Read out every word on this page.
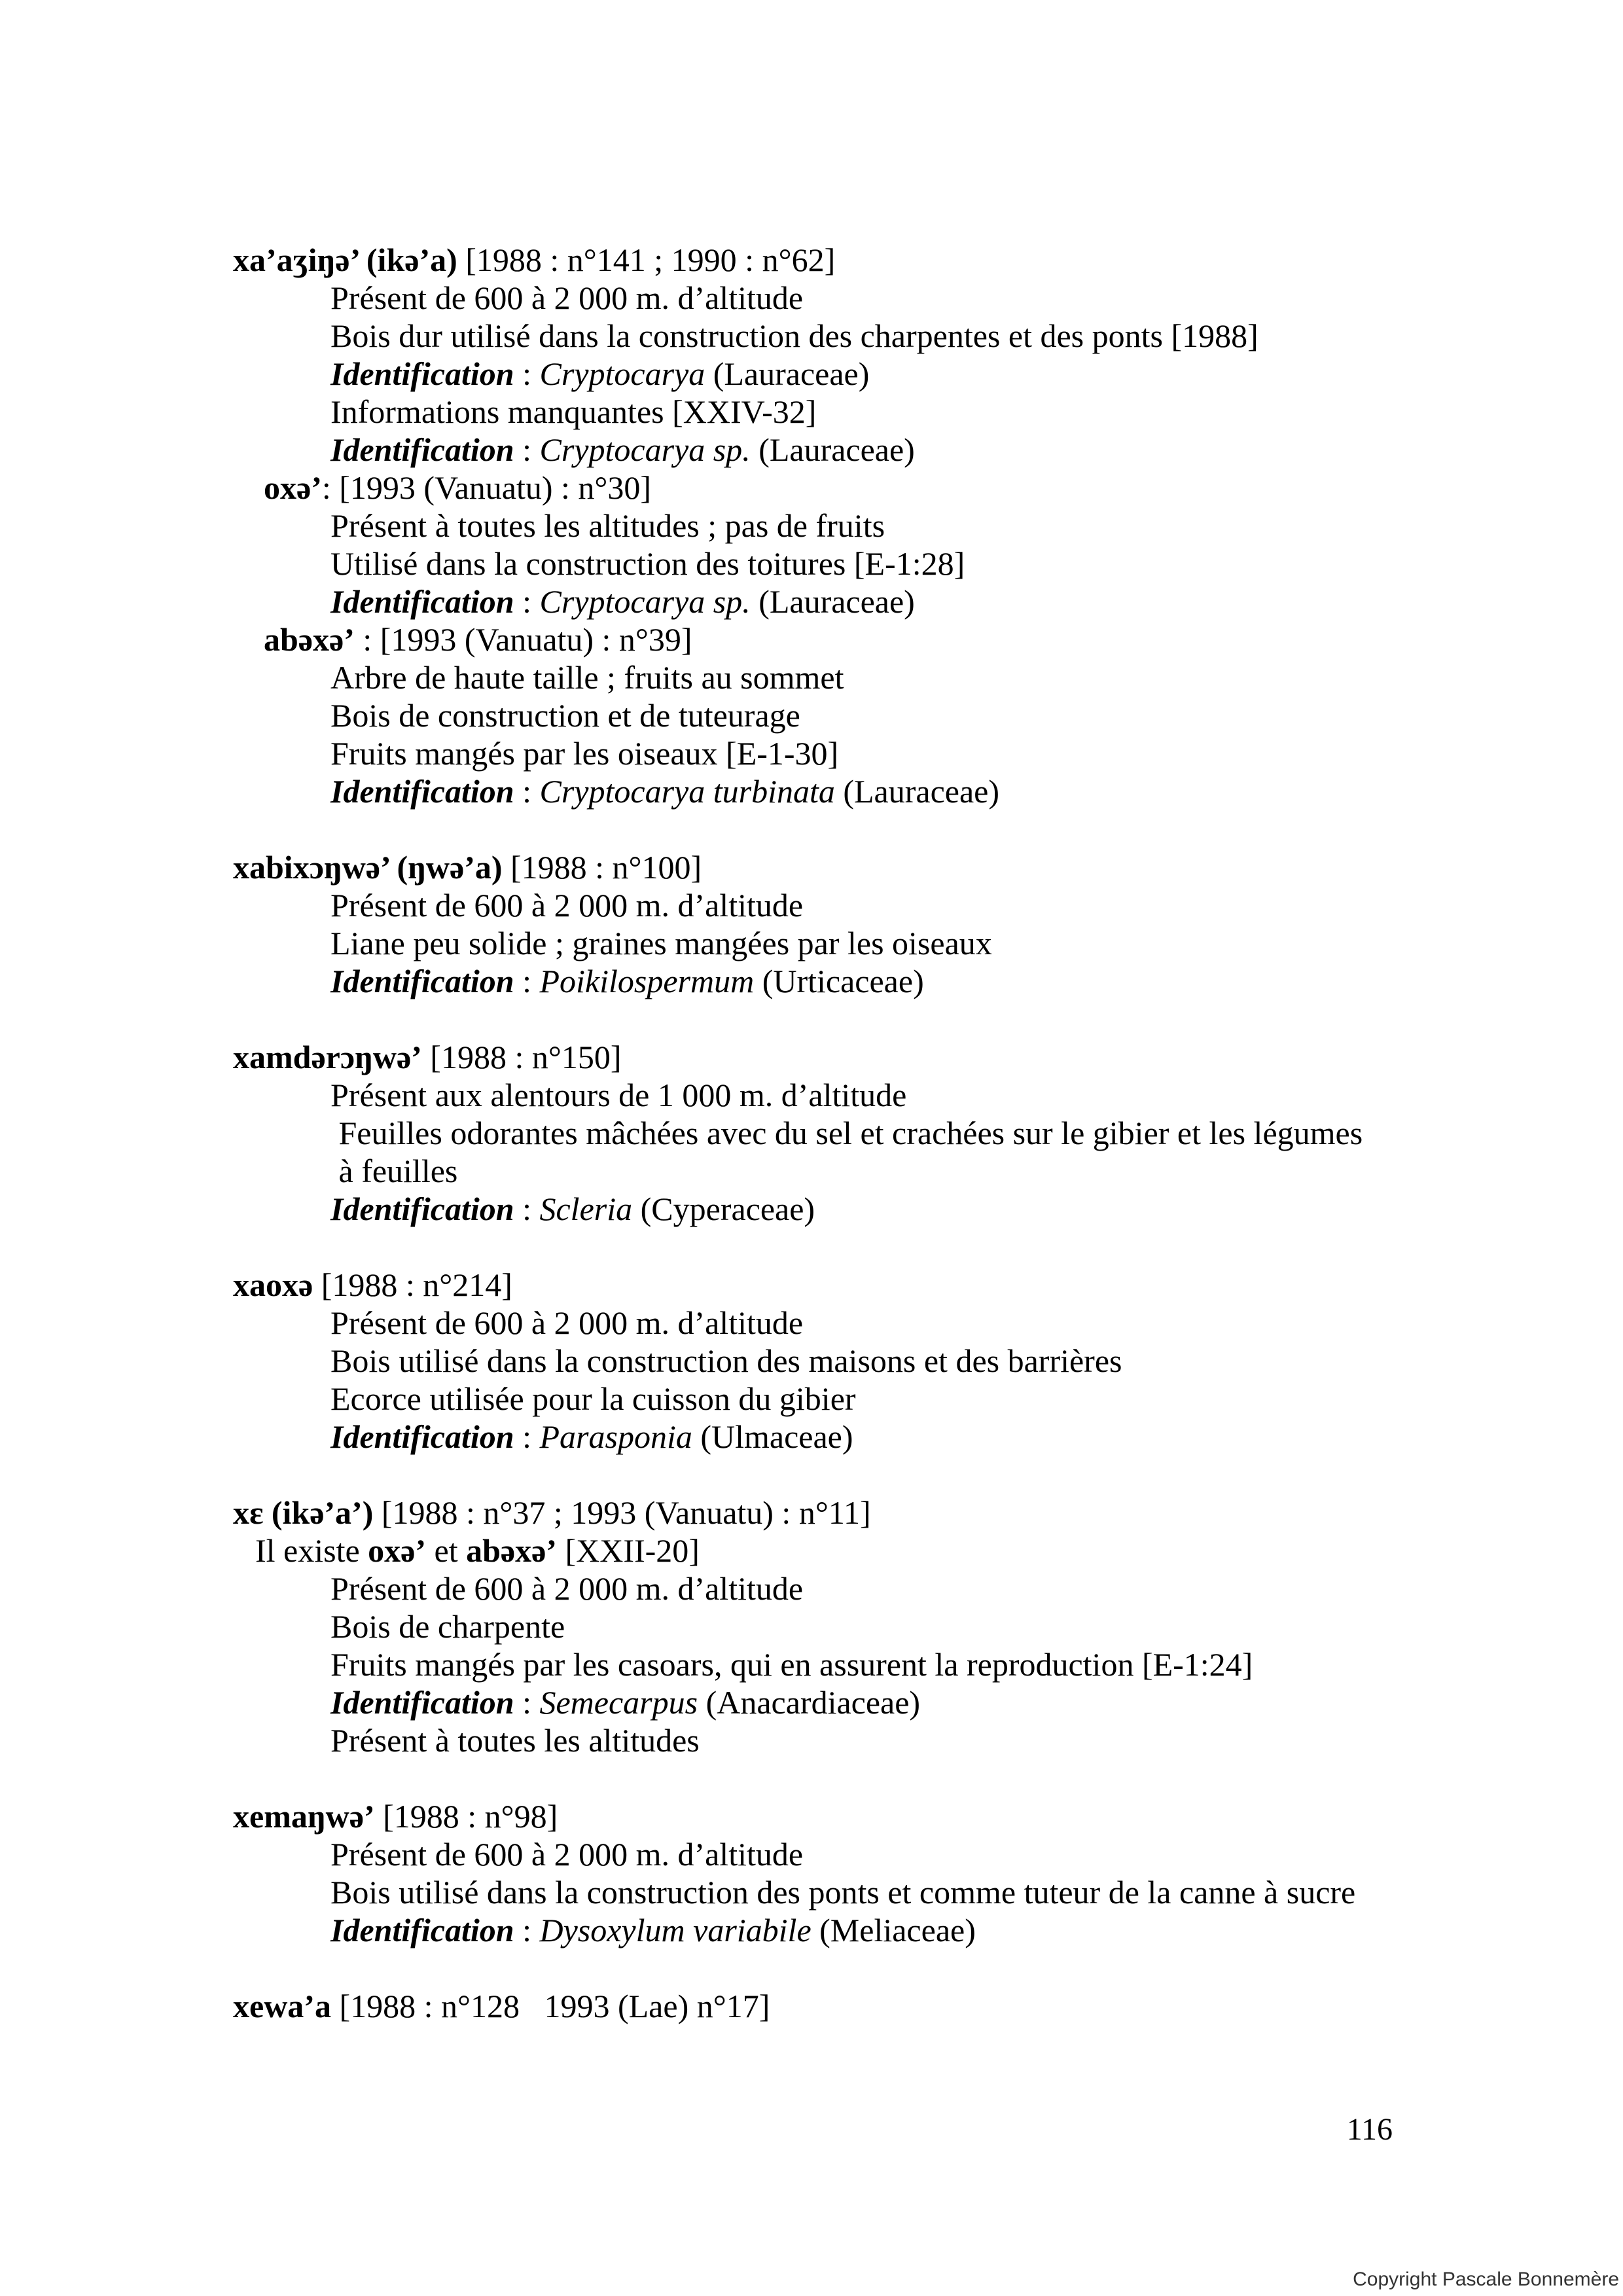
xa’aʒiŋə’ (ikə’a) [1988 : n°141 ; 1990 : n°62]
Présent de 600 à 2 000 m. d’altitude
Bois dur utilisé dans la construction des charpentes et des ponts [1988]
Identification : Cryptocarya (Lauraceae)
Informations manquantes [XXIV-32]
Identification : Cryptocarya sp. (Lauraceae)
oxə’: [1993 (Vanuatu) : n°30]
Présent à toutes les altitudes ; pas de fruits
Utilisé dans la construction des toitures [E-1:28]
Identification : Cryptocarya sp. (Lauraceae)
abəxə’ : [1993 (Vanuatu) : n°39]
Arbre de haute taille ; fruits au sommet
Bois de construction et de tuteurage
Fruits mangés par les oiseaux [E-1-30]
Identification : Cryptocarya turbinata (Lauraceae)
xabixɔŋwə’ (ŋwə’a) [1988 : n°100]
Présent de 600 à 2 000 m. d’altitude
Liane peu solide ; graines mangées par les oiseaux
Identification : Poikilospermum (Urticaceae)
xamdərɔŋwə’ [1988 : n°150]
Présent aux alentours de 1 000 m. d’altitude
Feuilles odorantes mâchées avec du sel et crachées sur le gibier et les légumes
à feuilles
Identification : Scleria (Cyperaceae)
xaoxə [1988 : n°214]
Présent de 600 à 2 000 m. d’altitude
Bois utilisé dans la construction des maisons et des barrières
Ecorce utilisée pour la cuisson du gibier
Identification : Parasponia (Ulmaceae)
xɛ (ikə’a’) [1988 : n°37 ; 1993 (Vanuatu) : n°11]
Il existe oxə’ et abəxə’ [XXII-20]
Présent de 600 à 2 000 m. d’altitude
Bois de charpente
Fruits mangés par les casoars, qui en assurent la reproduction [E-1:24]
Identification : Semecarpus (Anacardiaceae)
Présent à toutes les altitudes
xemaŋwə’ [1988 : n°98]
Présent de 600 à 2 000 m. d’altitude
Bois utilisé dans la construction des ponts et comme tuteur de la canne à sucre
Identification : Dysoxylum variabile (Meliaceae)
xewa’a [1988 : n°128   1993 (Lae) n°17]
116
Copyright Pascale Bonnemère
